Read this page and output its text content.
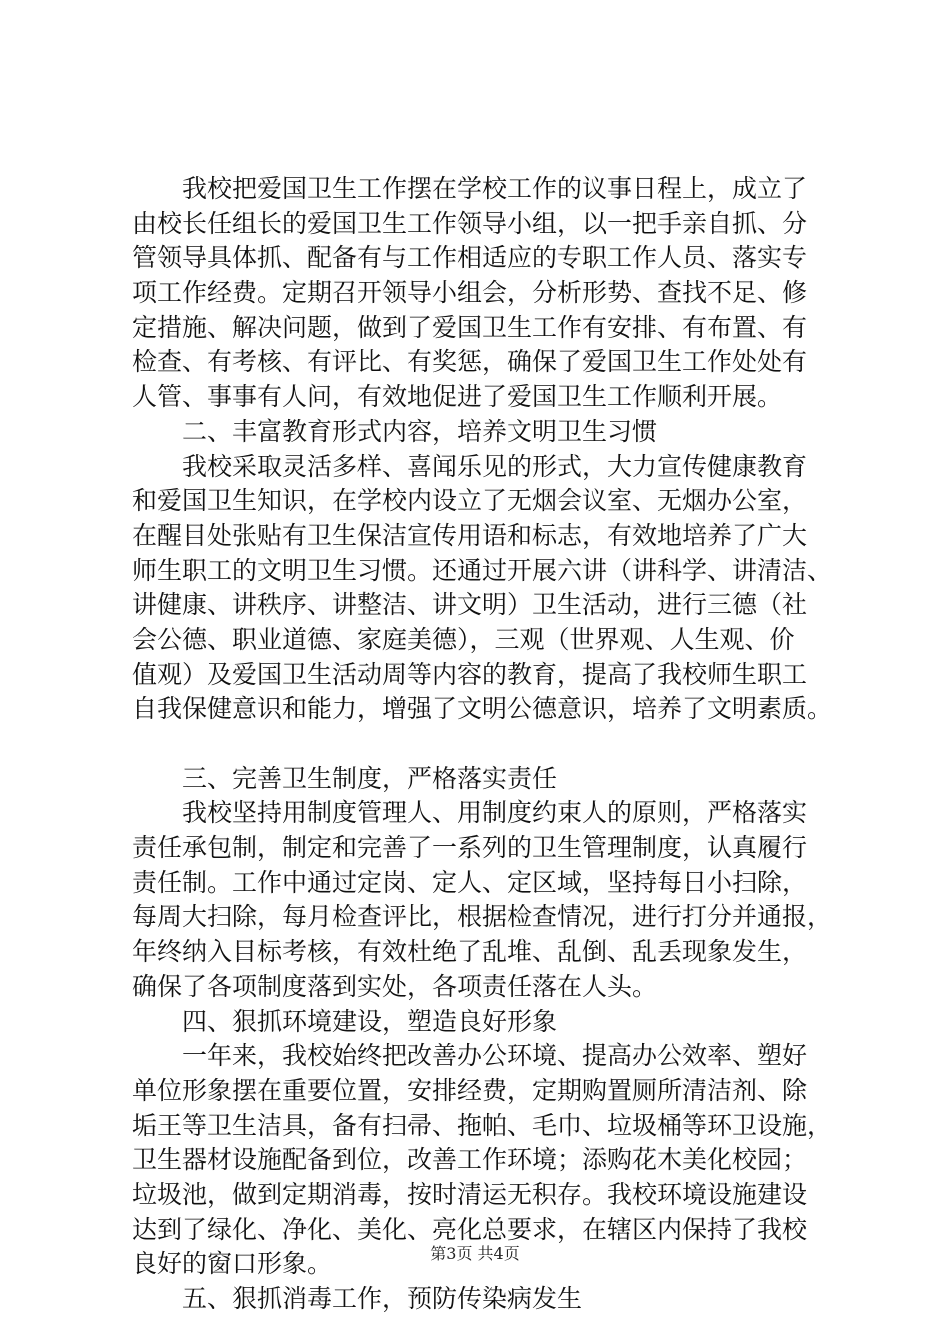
我校把爱国卫生工作摆在学校工作的议事日程上，成立了
由校长任组长的爱国卫生工作领导小组，以一把手亲自抓、分
管领导具体抓、配备有与工作相适应的专职工作人员、落实专
项工作经费。定期召开领导小组会，分析形势、查找不足、修
定措施、解决问题，做到了爱国卫生工作有安排、有布置、有
检查、有考核、有评比、有奖惩，确保了爱国卫生工作处处有
人管、事事有人问，有效地促进了爱国卫生工作顺利开展。
二、丰富教育形式内容，培养文明卫生习惯
我校采取灵活多样、喜闻乐见的形式，大力宣传健康教育
和爱国卫生知识，在学校内设立了无烟会议室、无烟办公室，
在醒目处张贴有卫生保洁宣传用语和标志，有效地培养了广大
师生职工的文明卫生习惯。还通过开展六讲（讲科学、讲清洁、
讲健康、讲秩序、讲整洁、讲文明）卫生活动，进行三德（社
会公德、职业道德、家庭美德），三观（世界观、人生观、价
值观）及爱国卫生活动周等内容的教育，提高了我校师生职工
自我保健意识和能力，增强了文明公德意识，培养了文明素质。
三、完善卫生制度，严格落实责任
我校坚持用制度管理人、用制度约束人的原则，严格落实
责任承包制，制定和完善了一系列的卫生管理制度，认真履行
责任制。工作中通过定岗、定人、定区域，坚持每日小扫除，
每周大扫除，每月检查评比，根据检查情况，进行打分并通报，
年终纳入目标考核，有效杜绝了乱堆、乱倒、乱丢现象发生，
确保了各项制度落到实处，各项责任落在人头。
四、狠抓环境建设，塑造良好形象
一年来，我校始终把改善办公环境、提高办公效率、塑好
单位形象摆在重要位置，安排经费，定期购置厕所清洁剂、除
垢王等卫生洁具，备有扫帚、拖帕、毛巾、垃圾桶等环卫设施，
卫生器材设施配备到位，改善工作环境；添购花木美化校园；
垃圾池，做到定期消毒，按时清运无积存。我校环境设施建设
达到了绿化、净化、美化、亮化总要求，在辖区内保持了我校
良好的窗口形象。
五、狠抓消毒工作，预防传染病发生
第3页 共4页
